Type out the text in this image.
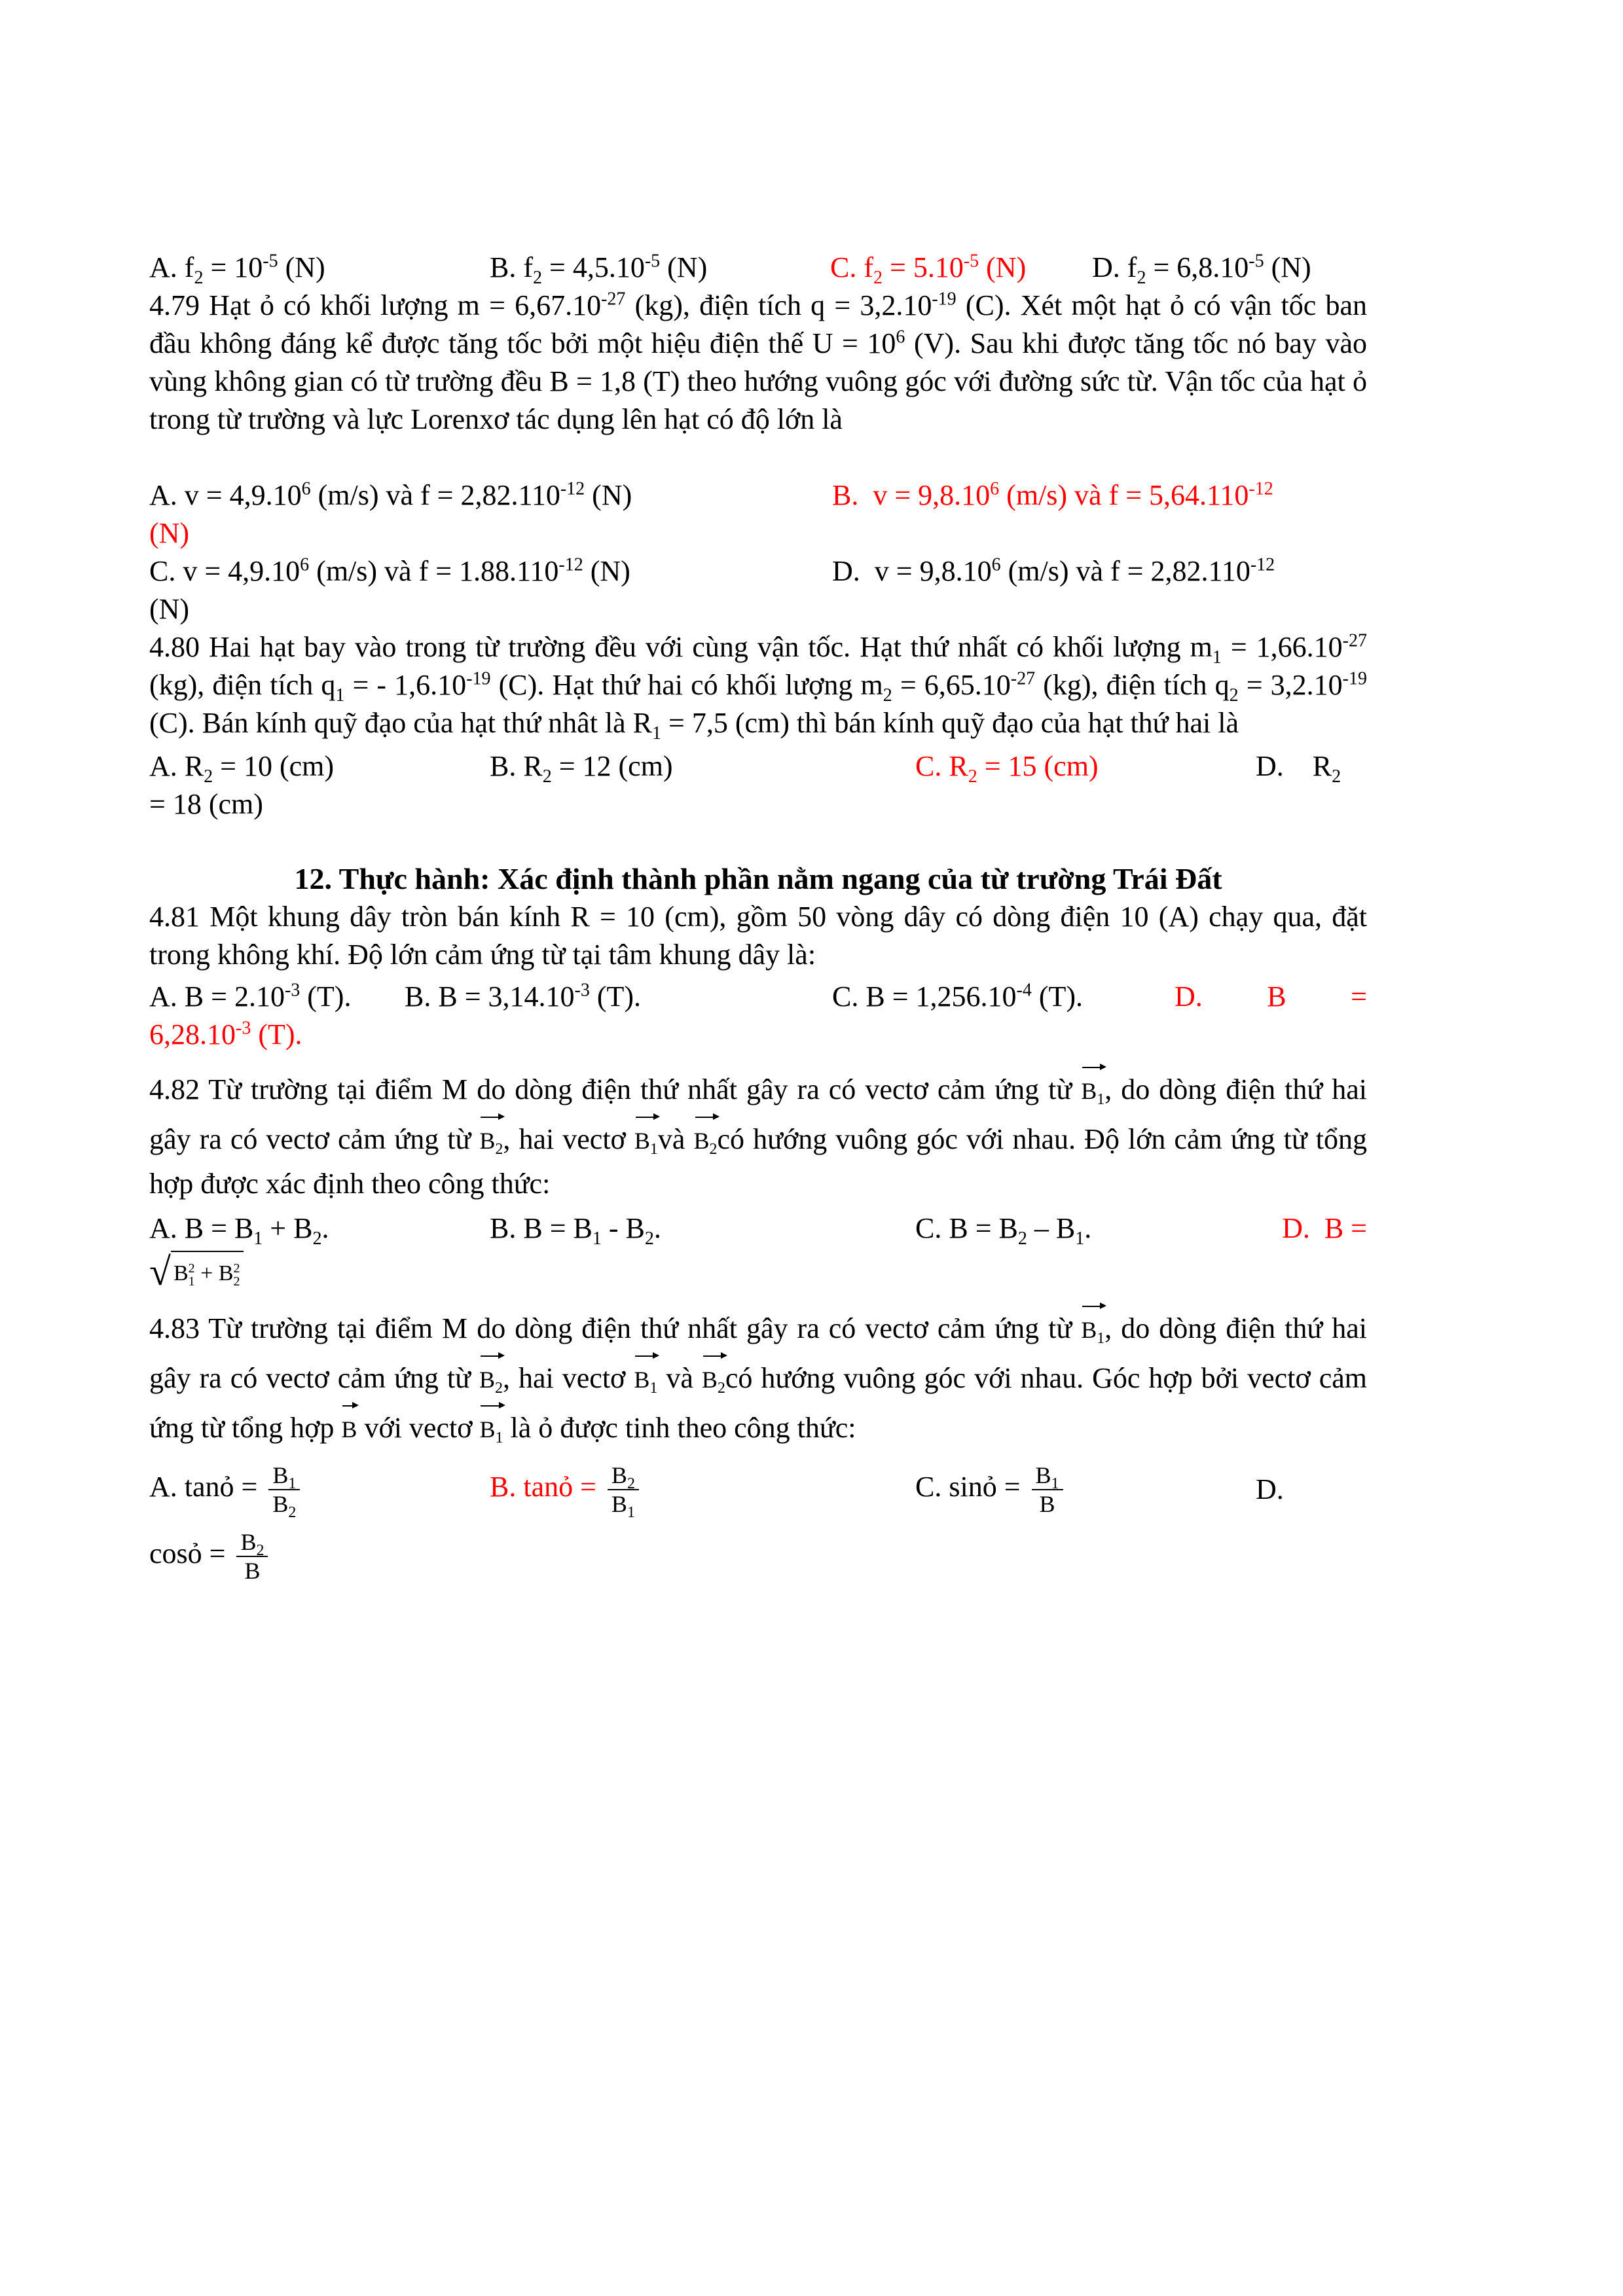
A. $f_2 = 10^{-5}$ (N)	B. $f_2 = 4,5.10^{-5}$ (N)	C. $f_2 = 5.10^{-5}$ (N)	D. $f_2 = 6,8.10^{-5}$ (N)

4.79 Hạt ỏ có khối lượng $m = 6,67.10^{-27}$ (kg), điện tích $q = 3,2.10^{-19}$ (C). Xét một hạt ỏ có vận tốc ban đầu không đáng kể được tăng tốc bởi một hiệu điện thế $U = 10^6$ (V). Sau khi được tăng tốc nó bay vào vùng không gian có từ trường đều B = 1,8 (T) theo hướng vuông góc với đường sức từ. Vận tốc của hạt ỏ trong từ trường và lực Lorenxơ tác dụng lên hạt có độ lớn là

A. $v = 4,9.10^6$ (m/s) và $f = 2,82.110^{-12}$ (N)	B.  $v = 9,8.10^6$ (m/s) và $f = 5,64.110^{-12}$
(N)
C. $v = 4,9.10^6$ (m/s) và $f = 1.88.110^{-12}$ (N)	D.  $v = 9,8.10^6$ (m/s) và $f = 2,82.110^{-12}$
(N)

4.80 Hai hạt bay vào trong từ trường đều với cùng vận tốc. Hạt thứ nhất có khối lượng $m_1 = 1,66.10^{-27}$ (kg), điện tích $q_1$ = - $1,6.10^{-19}$ (C). Hạt thứ hai có khối lượng $m_2 = 6,65.10^{-27}$ (kg), điện tích $q_2 = 3,2.10^{-19}$ (C). Bán kính quỹ đạo của hạt thứ nhât là $R_1 = 7,5$ (cm) thì bán kính quỹ đạo của hạt thứ hai là

A. $R_2 = 10$ (cm)	B. $R_2 = 12$ (cm)	C. $R_2 = 15$ (cm)	D.    $R_2$
= 18 (cm)
12. Thực hành: Xác định thành phần nằm ngang của từ trường Trái Đất

4.81 Một khung dây tròn bán kính R = 10 (cm), gồm 50 vòng dây có dòng điện 10 (A) chạy qua, đặt trong không khí. Độ lớn cảm ứng từ tại tâm khung dây là:

A. $B = 2.10^{-3}$ (T).	B. $B = 3,14.10^{-3}$ (T).	C. $B = 1,256.10^{-4}$ (T).	D. B =
$6,28.10^{-3}$ (T).

4.82 Từ trường tại điểm M do dòng điện thứ nhất gây ra có vectơ cảm ứng từ $B_1$, do dòng điện thứ hai gây ra có vectơ cảm ứng từ $B_2$, hai vectơ $B_1và$ $B_2có$ hướng vuông góc với nhau. Độ lớn cảm ứng từ tổng hợp được xác định theo công thức:

A. $B = B_1 + B_2$.	B. $B = B_1 - B_2$.	C. $B = B_2 - B_1$.	D.  B =
√ $B_1^2 + B_2^2$

4.83 Từ trường tại điểm M do dòng điện thứ nhất gây ra có vectơ cảm ứng từ $B_1$, do dòng điện thứ hai gây ra có vectơ cảm ứng từ $B_2$, hai vectơ $B_1$ và $B_2có$ hướng vuông góc với nhau. Góc hợp bởi vectơ cảm ứng từ tổng hợp B với vectơ $B_1$ là ỏ được tinh theo công thức:

A. tanỏ = $\frac{B_1}{B_2}$	B. tanỏ = $\frac{B_2}{B_1}$	C. sinỏ = $\frac{B_1}{B}$	D.
cosỏ = $\frac{B_2}{B}$
